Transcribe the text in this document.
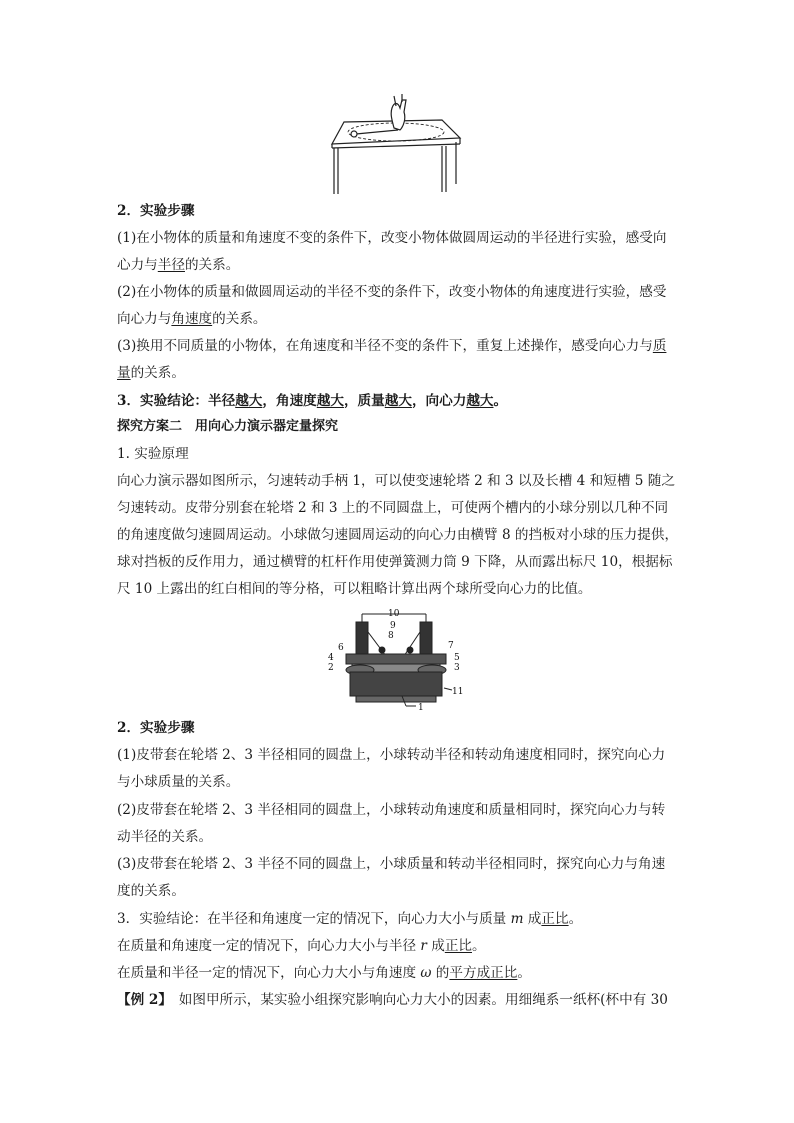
2．实验步骤
(1)在小物体的质量和角速度不变的条件下，改变小物体做圆周运动的半径进行实验，感受向
心力与半径的关系。
(2)在小物体的质量和做圆周运动的半径不变的条件下，改变小物体的角速度进行实验，感受
向心力与角速度的关系。
(3)换用不同质量的小物体，在角速度和半径不变的条件下，重复上述操作，感受向心力与质
量的关系。
3．实验结论：半径越大，角速度越大，质量越大，向心力越大。
探究方案二　用向心力演示器定量探究
1. 实验原理
向心力演示器如图所示，匀速转动手柄 1，可以使变速轮塔 2 和 3 以及长槽 4 和短槽 5 随之
匀速转动。皮带分别套在轮塔 2 和 3 上的不同圆盘上，可使两个槽内的小球分别以几种不同
的角速度做匀速圆周运动。小球做匀速圆周运动的向心力由横臂 8 的挡板对小球的压力提供，
球对挡板的反作用力，通过横臂的杠杆作用使弹簧测力筒 9 下降，从而露出标尺 10，根据标
尺 10 上露出的红白相间的等分格，可以粗略计算出两个球所受向心力的比值。
10
9
8
6
4
2
7
5
3
1
11
2．实验步骤
(1)皮带套在轮塔 2、3 半径相同的圆盘上，小球转动半径和转动角速度相同时，探究向心力
与小球质量的关系。
(2)皮带套在轮塔 2、3 半径相同的圆盘上，小球转动角速度和质量相同时，探究向心力与转
动半径的关系。
(3)皮带套在轮塔 2、3 半径不同的圆盘上，小球质量和转动半径相同时，探究向心力与角速
度的关系。
3．实验结论：在半径和角速度一定的情况下，向心力大小与质量 m 成正比。
在质量和角速度一定的情况下，向心力大小与半径 r 成正比。
在质量和半径一定的情况下，向心力大小与角速度 ω 的平方成正比。
【例 2】　如图甲所示，某实验小组探究影响向心力大小的因素。用细绳系一纸杯(杯中有 30
